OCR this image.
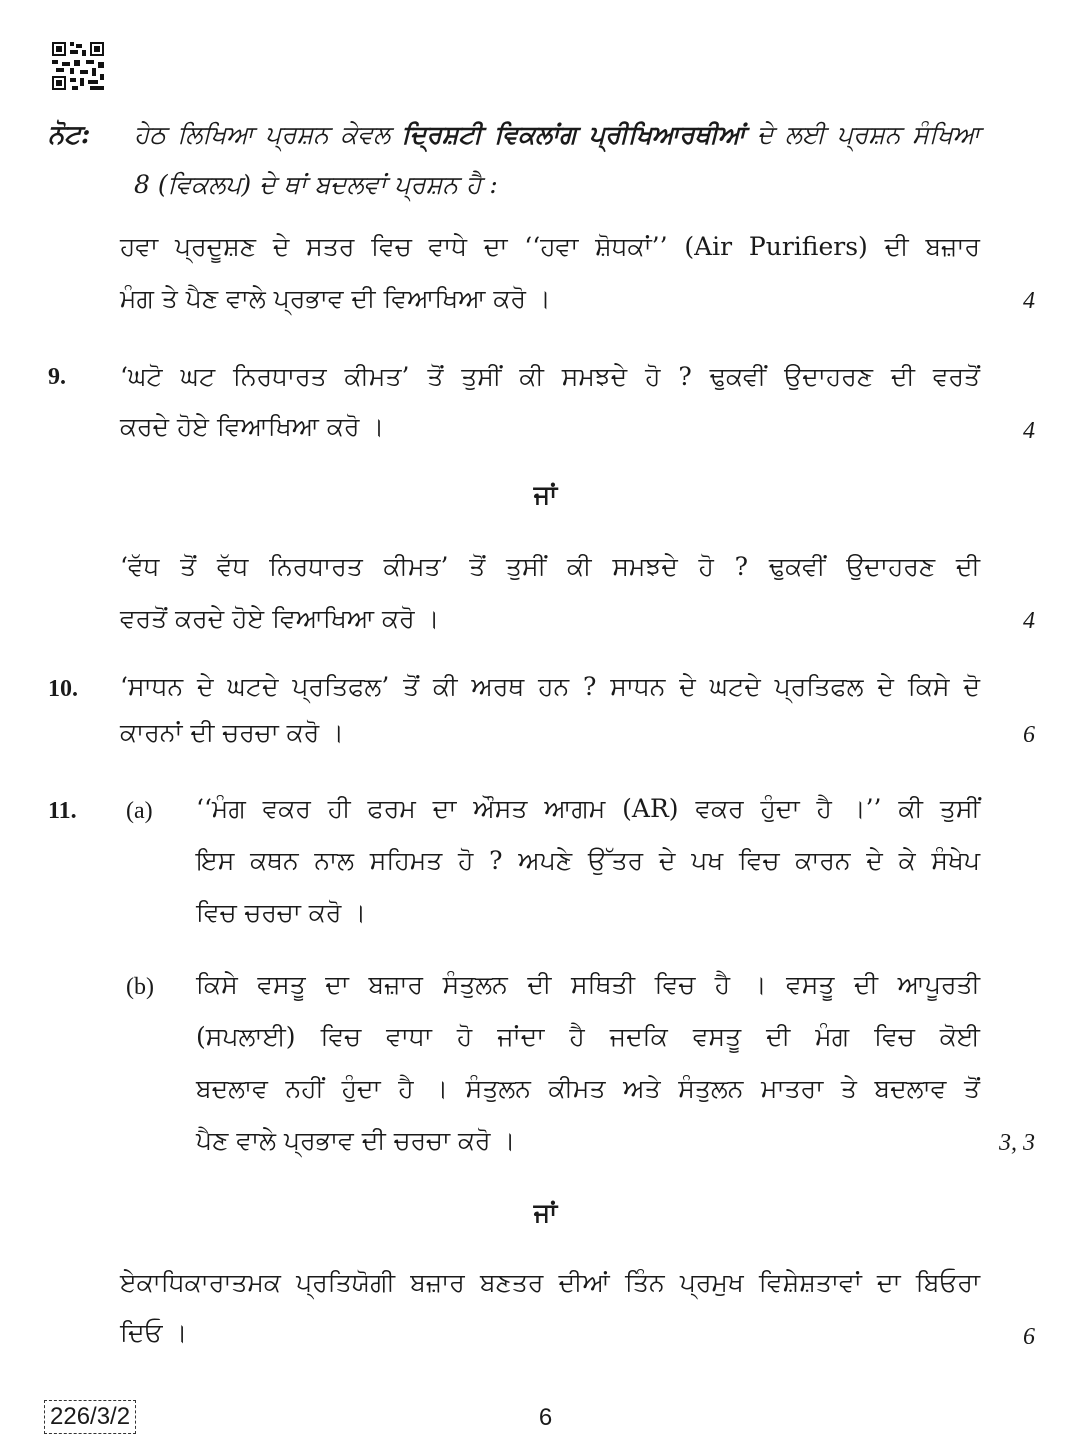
ਨੋਟ: ਹੇਠ ਲਿਖਿਆ ਪ੍ਰਸ਼ਨ ਕੇਵਲ ਦ੍ਰਿਸ਼ਟੀ ਵਿਕਲਾਂਗ ਪ੍ਰੀਖਿਆਰਥੀਆਂ ਦੇ ਲਈ ਪ੍ਰਸ਼ਨ ਸੰਖਿਆ
8 (ਵਿਕਲਪ) ਦੇ ਥਾਂ ਬਦਲਵਾਂ ਪ੍ਰਸ਼ਨ ਹੈ :
ਹਵਾ ਪ੍ਰਦੂਸ਼ਣ ਦੇ ਸਤਰ ਵਿਚ ਵਾਧੇ ਦਾ ‘‘ਹਵਾ ਸ਼ੋਧਕਾਂ’’ (Air Purifiers) ਦੀ ਬਜ਼ਾਰ
ਮੰਗ ਤੇ ਪੈਣ ਵਾਲੇ ਪ੍ਰਭਾਵ ਦੀ ਵਿਆਖਿਆ ਕਰੋ ।	4
9. ‘ਘਟੋ ਘਟ ਨਿਰਧਾਰਤ ਕੀਮਤ’ ਤੋਂ ਤੁਸੀਂ ਕੀ ਸਮਝਦੇ ਹੋ ? ਢੁਕਵੀਂ ਉਦਾਹਰਣ ਦੀ ਵਰਤੋਂ
ਕਰਦੇ ਹੋਏ ਵਿਆਖਿਆ ਕਰੋ ।	4
ਜਾਂ
‘ਵੱਧ ਤੋਂ ਵੱਧ ਨਿਰਧਾਰਤ ਕੀਮਤ’ ਤੋਂ ਤੁਸੀਂ ਕੀ ਸਮਝਦੇ ਹੋ ? ਢੁਕਵੀਂ ਉਦਾਹਰਣ ਦੀ
ਵਰਤੋਂ ਕਰਦੇ ਹੋਏ ਵਿਆਖਿਆ ਕਰੋ ।	4
10. ‘ਸਾਧਨ ਦੇ ਘਟਦੇ ਪ੍ਰਤਿਫਲ’ ਤੋਂ ਕੀ ਅਰਥ ਹਨ ? ਸਾਧਨ ਦੇ ਘਟਦੇ ਪ੍ਰਤਿਫਲ ਦੇ ਕਿਸੇ ਦੋ
ਕਾਰਨਾਂ ਦੀ ਚਰਚਾ ਕਰੋ ।	6
11. (a) ‘‘ਮੰਗ ਵਕਰ ਹੀ ਫਰਮ ਦਾ ਔਸਤ ਆਗਮ (AR) ਵਕਰ ਹੁੰਦਾ ਹੈ ।’’ ਕੀ ਤੁਸੀਂ
ਇਸ ਕਥਨ ਨਾਲ ਸਹਿਮਤ ਹੋ ? ਅਪਣੇ ਉੱਤਰ ਦੇ ਪਖ ਵਿਚ ਕਾਰਨ ਦੇ ਕੇ ਸੰਖੇਪ
ਵਿਚ ਚਰਚਾ ਕਰੋ ।
(b) ਕਿਸੇ ਵਸਤੂ ਦਾ ਬਜ਼ਾਰ ਸੰਤੁਲਨ ਦੀ ਸਥਿਤੀ ਵਿਚ ਹੈ । ਵਸਤੂ ਦੀ ਆਪੂਰਤੀ
(ਸਪਲਾਈ) ਵਿਚ ਵਾਧਾ ਹੋ ਜਾਂਦਾ ਹੈ ਜਦਕਿ ਵਸਤੂ ਦੀ ਮੰਗ ਵਿਚ ਕੋਈ
ਬਦਲਾਵ ਨਹੀਂ ਹੁੰਦਾ ਹੈ । ਸੰਤੁਲਨ ਕੀਮਤ ਅਤੇ ਸੰਤੁਲਨ ਮਾਤਰਾ ਤੇ ਬਦਲਾਵ ਤੋਂ
ਪੈਣ ਵਾਲੇ ਪ੍ਰਭਾਵ ਦੀ ਚਰਚਾ ਕਰੋ ।	3, 3
ਜਾਂ
ਏਕਾਧਿਕਾਰਾਤਮਕ ਪ੍ਰਤਿਯੋਗੀ ਬਜ਼ਾਰ ਬਣਤਰ ਦੀਆਂ ਤਿੰਨ ਪ੍ਰਮੁਖ ਵਿਸ਼ੇਸ਼ਤਾਵਾਂ ਦਾ ਬਿਓਰਾ
ਦਿਓ ।	6
226/3/2	6
